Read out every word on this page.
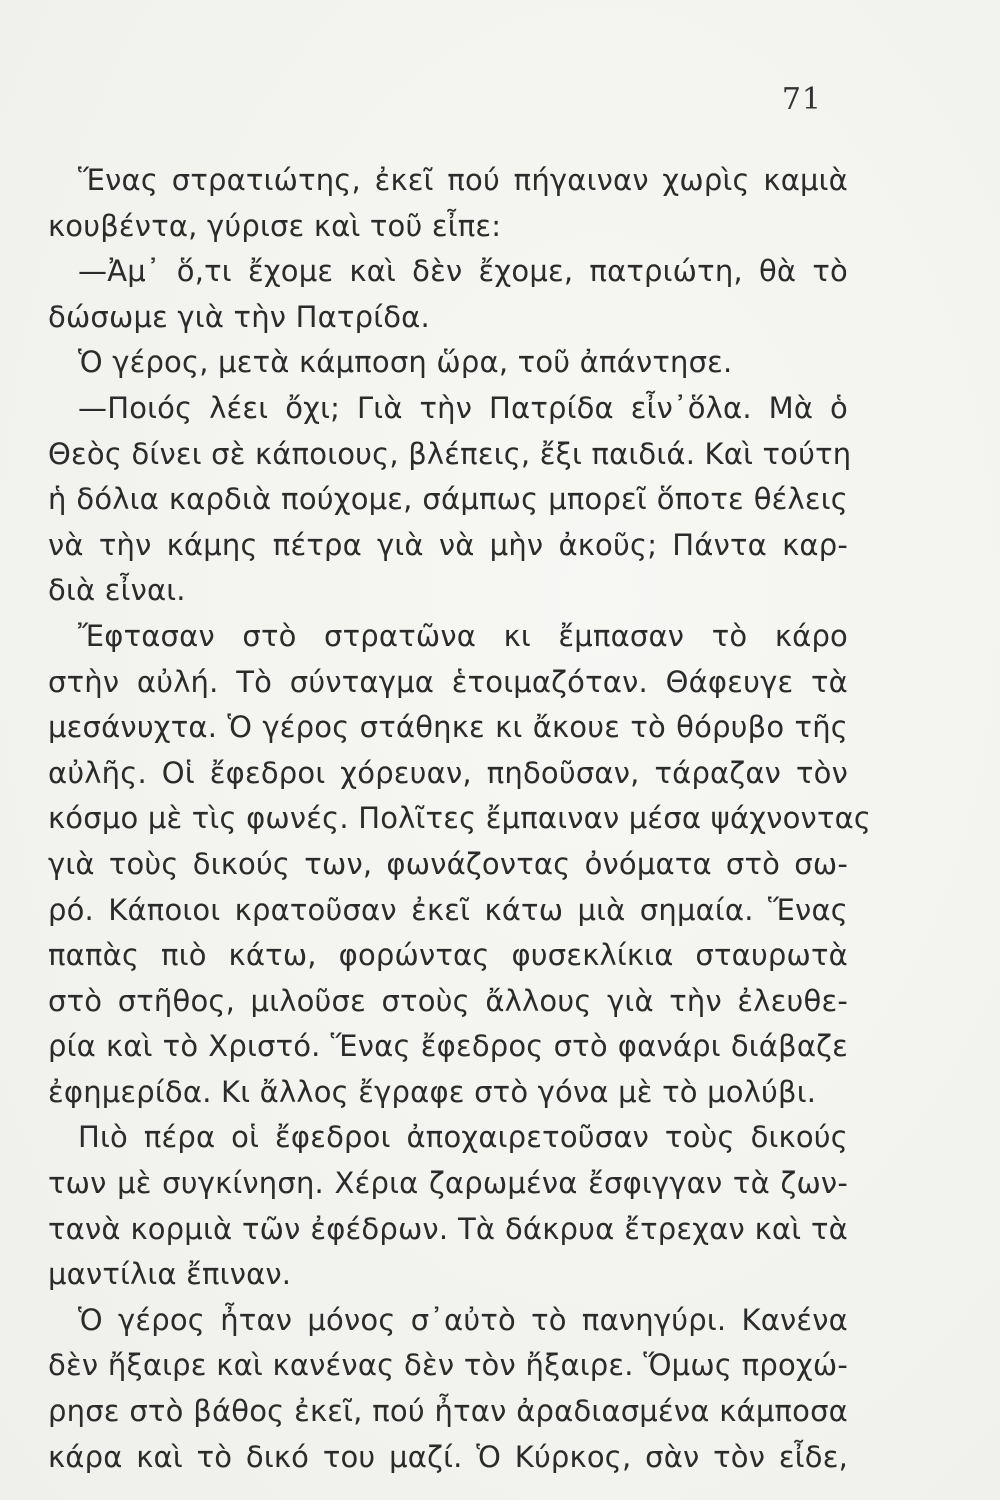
71
Ἕνας στρατιώτης, ἐκεῖ πού πήγαιναν χωρὶς καμιὰ
κουβέντα, γύρισε καὶ τοῦ εἶπε:
—Ἀμ᾽ ὅ,τι ἔχομε καὶ δὲν ἔχομε, πατριώτη, θὰ τὸ
δώσωμε γιὰ τὴν Πατρίδα.
Ὁ γέρος, μετὰ κάμποση ὥρα, τοῦ ἀπάντησε.
—Ποιός λέει ὄχι; Γιὰ τὴν Πατρίδα εἶν᾽ὅλα. Μὰ ὁ
Θεὸς δίνει σὲ κάποιους, βλέπεις, ἔξι παιδιά. Καὶ τούτη
ἡ δόλια καρδιὰ πούχομε, σάμπως μπορεῖ ὅποτε θέλεις
νὰ τὴν κάμης πέτρα γιὰ νὰ μὴν ἀκοῦς; Πάντα καρ-
διὰ εἶναι.
Ἔφτασαν στὸ στρατῶνα κι ἔμπασαν τὸ κάρο
στὴν αὐλή. Τὸ σύνταγμα ἑτοιμαζόταν. Θάφευγε τὰ
μεσάνυχτα. Ὁ γέρος στάθηκε κι ἄκουε τὸ θόρυβο τῆς
αὐλῆς. Οἱ ἔφεδροι χόρευαν, πηδοῦσαν, τάραζαν τὸν
κόσμο μὲ τὶς φωνές. Πολῖτες ἔμπαιναν μέσα ψάχνοντας
γιὰ τοὺς δικούς των, φωνάζοντας ὀνόματα στὸ σω-
ρό. Κάποιοι κρατοῦσαν ἐκεῖ κάτω μιὰ σημαία. Ἕνας
παπὰς πιὸ κάτω, φορώντας φυσεκλίκια σταυρωτὰ
στὸ στῆθος, μιλοῦσε στοὺς ἄλλους γιὰ τὴν ἐλευθε-
ρία καὶ τὸ Χριστό. Ἕνας ἔφεδρος στὸ φανάρι διάβαζε
ἐφημερίδα. Κι ἄλλος ἔγραφε στὸ γόνα μὲ τὸ μολύβι.
Πιὸ πέρα οἱ ἔφεδροι ἀποχαιρετοῦσαν τοὺς δικούς
των μὲ συγκίνηση. Χέρια ζαρωμένα ἔσφιγγαν τὰ ζων-
τανὰ κορμιὰ τῶν ἐφέδρων. Τὰ δάκρυα ἔτρεχαν καὶ τὰ
μαντίλια ἔπιναν.
Ὁ γέρος ἦταν μόνος σ᾽αὐτὸ τὸ πανηγύρι. Κανένα
δὲν ἤξαιρε καὶ κανένας δὲν τὸν ἤξαιρε. Ὅμως προχώ-
ρησε στὸ βάθος ἐκεῖ, πού ἦταν ἀραδιασμένα κάμποσα
κάρα καὶ τὸ δικό του μαζί. Ὁ Κύρκος, σὰν τὸν εἶδε,
